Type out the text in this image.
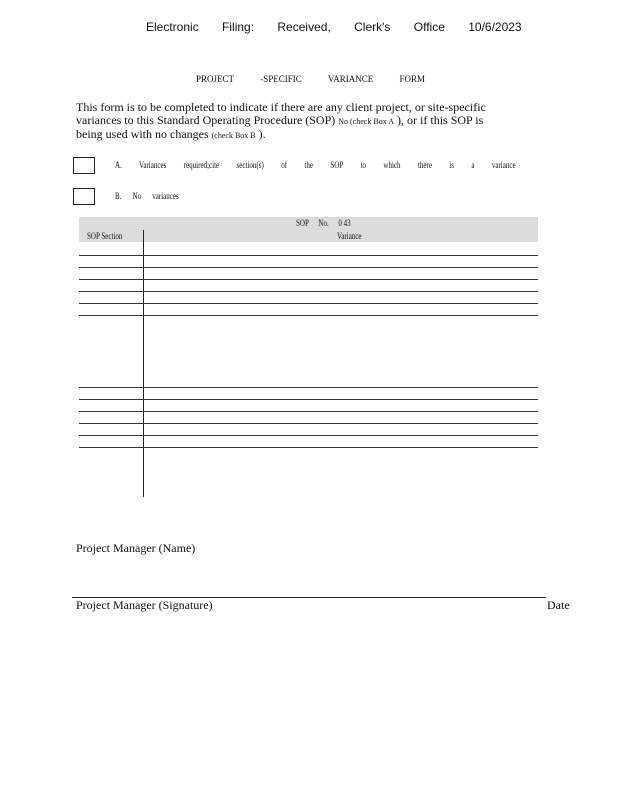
Electronic Filing: Received, Clerk's Office 10/6/2023
PROJECT	-SPECIFIC	VARIANCE	FORM
This form is to be completed to indicate if there are any client project, or site-specific
variances to this Standard Operating Procedure (SOP) No (check Box A ), or if this SOP is
being used with no changes (check Box B ).
A. Variances required;cite section(s) of the SOP to which there is a variance
B. No variances
SOP No. 0 43
SOP Section	Variance
Project Manager (Name)
Project Manager (Signature)	Date
